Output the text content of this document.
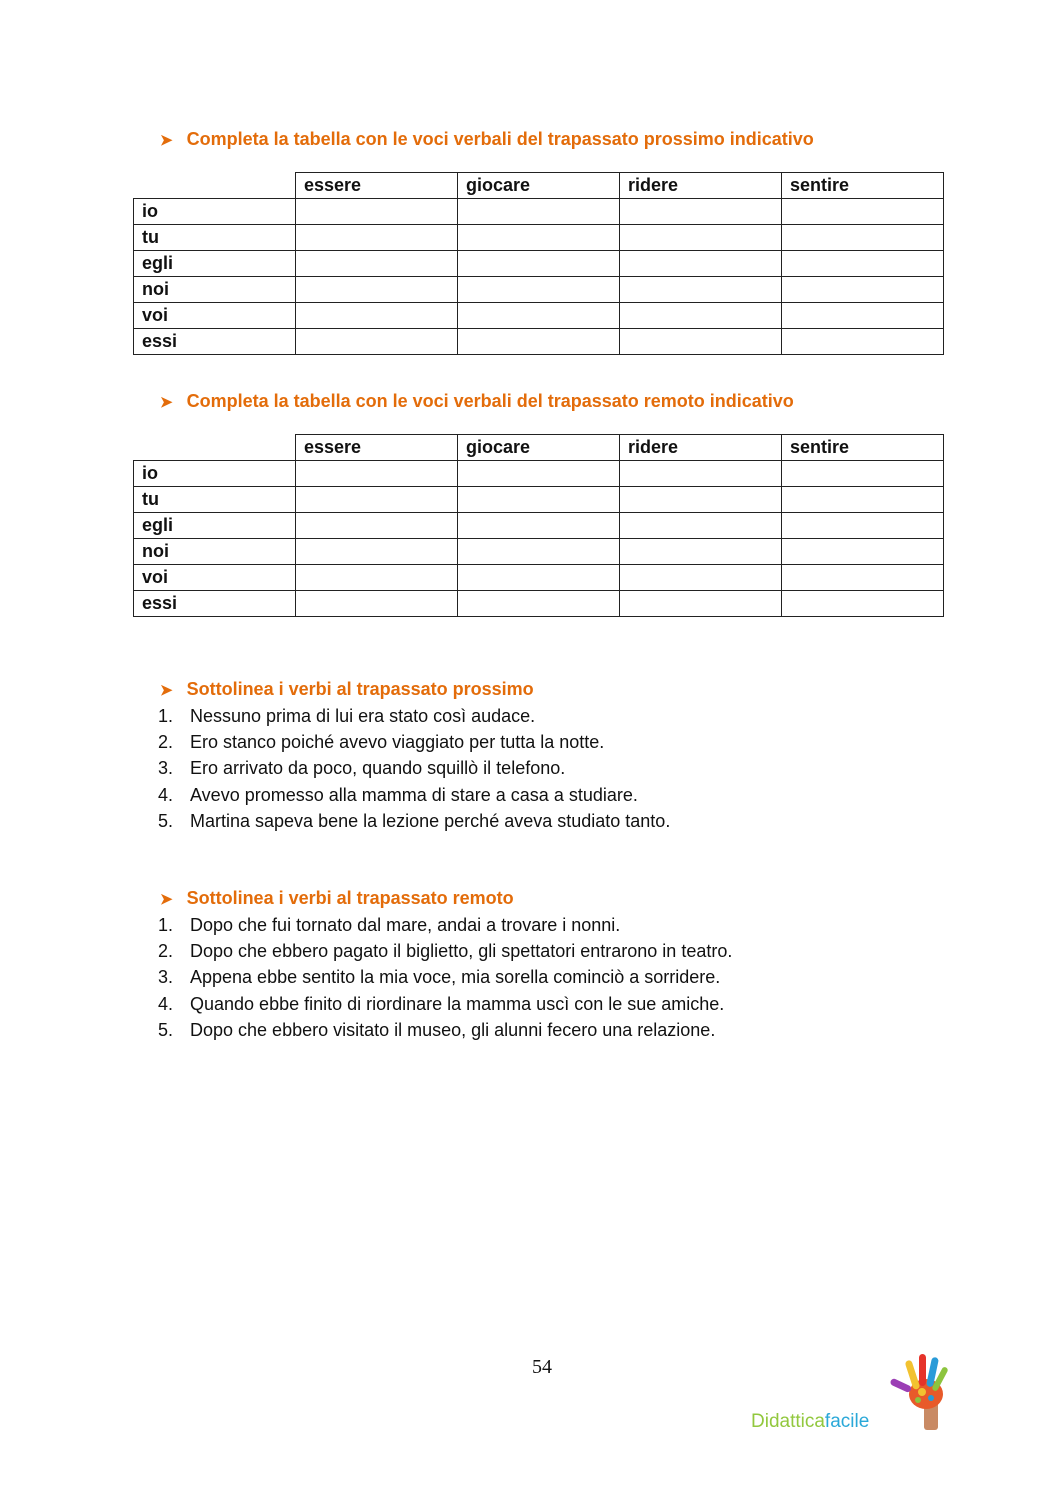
➤ Completa la tabella con le voci verbali del trapassato prossimo indicativo
	essere	giocare	ridere	sentire
io				
tu				
egli				
noi				
voi				
essi				
➤ Completa la tabella con le voci verbali del trapassato remoto indicativo
	essere	giocare	ridere	sentire
io				
tu				
egli				
noi				
voi				
essi				
➤ Sottolinea i verbi al trapassato prossimo
1. Nessuno prima di lui era stato così audace.
2. Ero stanco poiché avevo viaggiato per tutta la notte.
3. Ero arrivato da poco, quando squillò il telefono.
4. Avevo promesso alla mamma di stare a casa a studiare.
5. Martina sapeva bene la lezione perché aveva studiato tanto.
➤ Sottolinea i verbi al trapassato remoto
1. Dopo che fui tornato dal mare, andai a trovare i nonni.
2. Dopo che ebbero pagato il biglietto, gli spettatori entrarono in teatro.
3. Appena ebbe sentito la mia voce, mia sorella cominciò a sorridere.
4. Quando ebbe finito di riordinare la mamma uscì con le sue amiche.
5. Dopo che ebbero visitato il museo, gli alunni fecero una relazione.
54
Didatticafacile
